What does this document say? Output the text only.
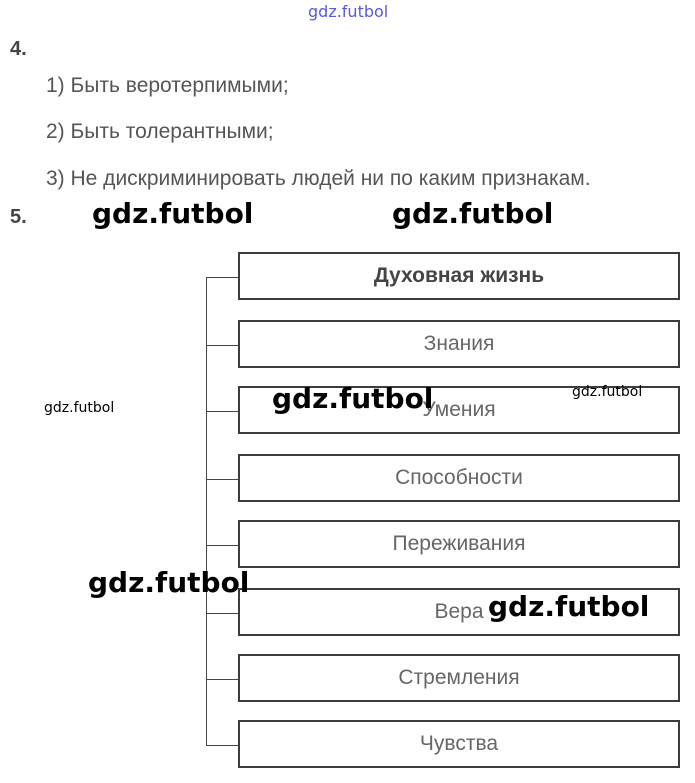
gdz.futbol
4.
1) Быть веротерпимыми;
2) Быть толерантными;
3) Не дискриминировать людей ни по каким признакам.
5.
Духовная жизнь
Знания
Умения
Способности
Переживания
Вера
Стремления
Чувства
gdz.futbol	gdz.futbol
gdz.futbol	gdz.futbol	gdz.futbol
gdz.futbol
gdz.futbol
